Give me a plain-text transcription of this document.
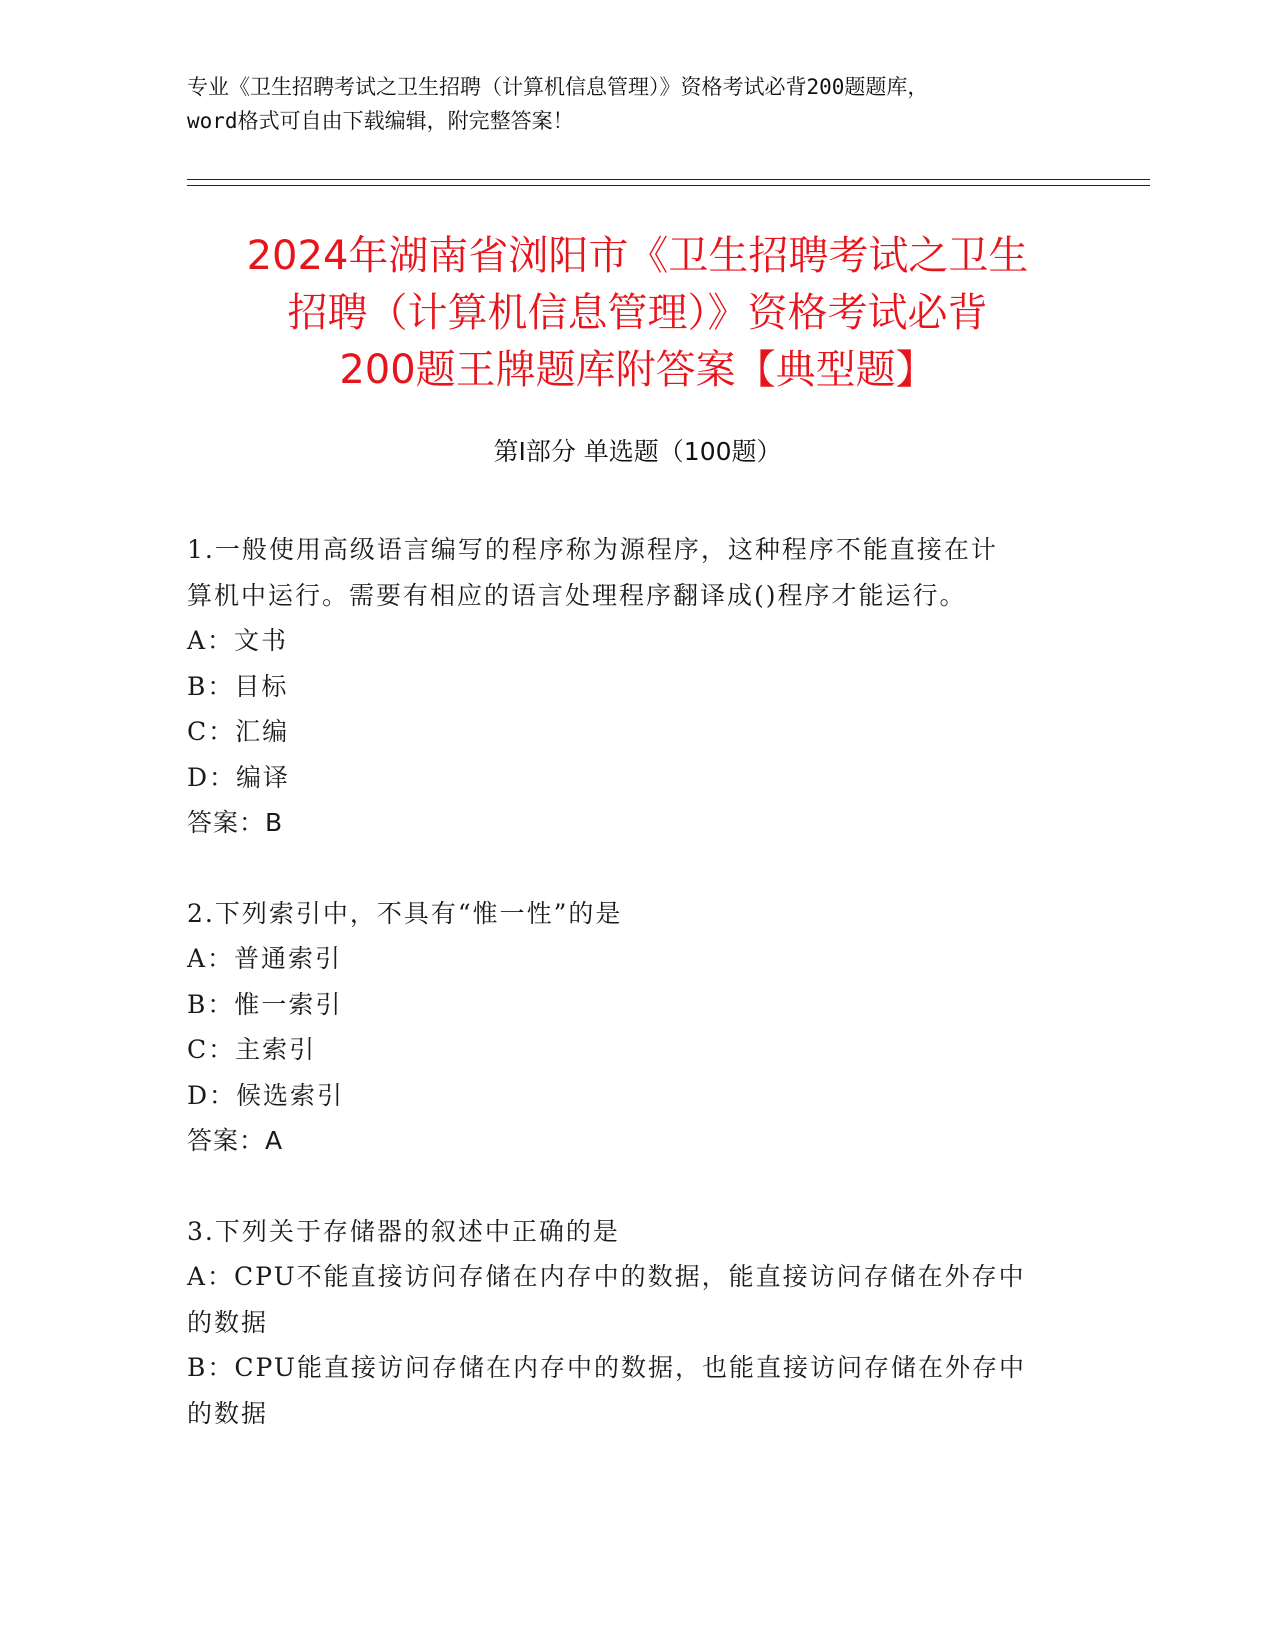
专业《卫生招聘考试之卫生招聘（计算机信息管理）》资格考试必背200题题库，
word格式可自由下载编辑，附完整答案！
2024年湖南省浏阳市《卫生招聘考试之卫生
招聘（计算机信息管理）》资格考试必背
200题王牌题库附答案【典型题】
第Ⅰ部分 单选题（100题）
1.一般使用高级语言编写的程序称为源程序，这种程序不能直接在计
算机中运行。需要有相应的语言处理程序翻译成()程序才能运行。
A：文书
B：目标
C：汇编
D：编译
答案：B
2.下列索引中，不具有“惟一性”的是
A：普通索引
B：惟一索引
C：主索引
D：候选索引
答案：A
3.下列关于存储器的叙述中正确的是
A：CPU不能直接访问存储在内存中的数据，能直接访问存储在外存中
的数据
B：CPU能直接访问存储在内存中的数据，也能直接访问存储在外存中
的数据
